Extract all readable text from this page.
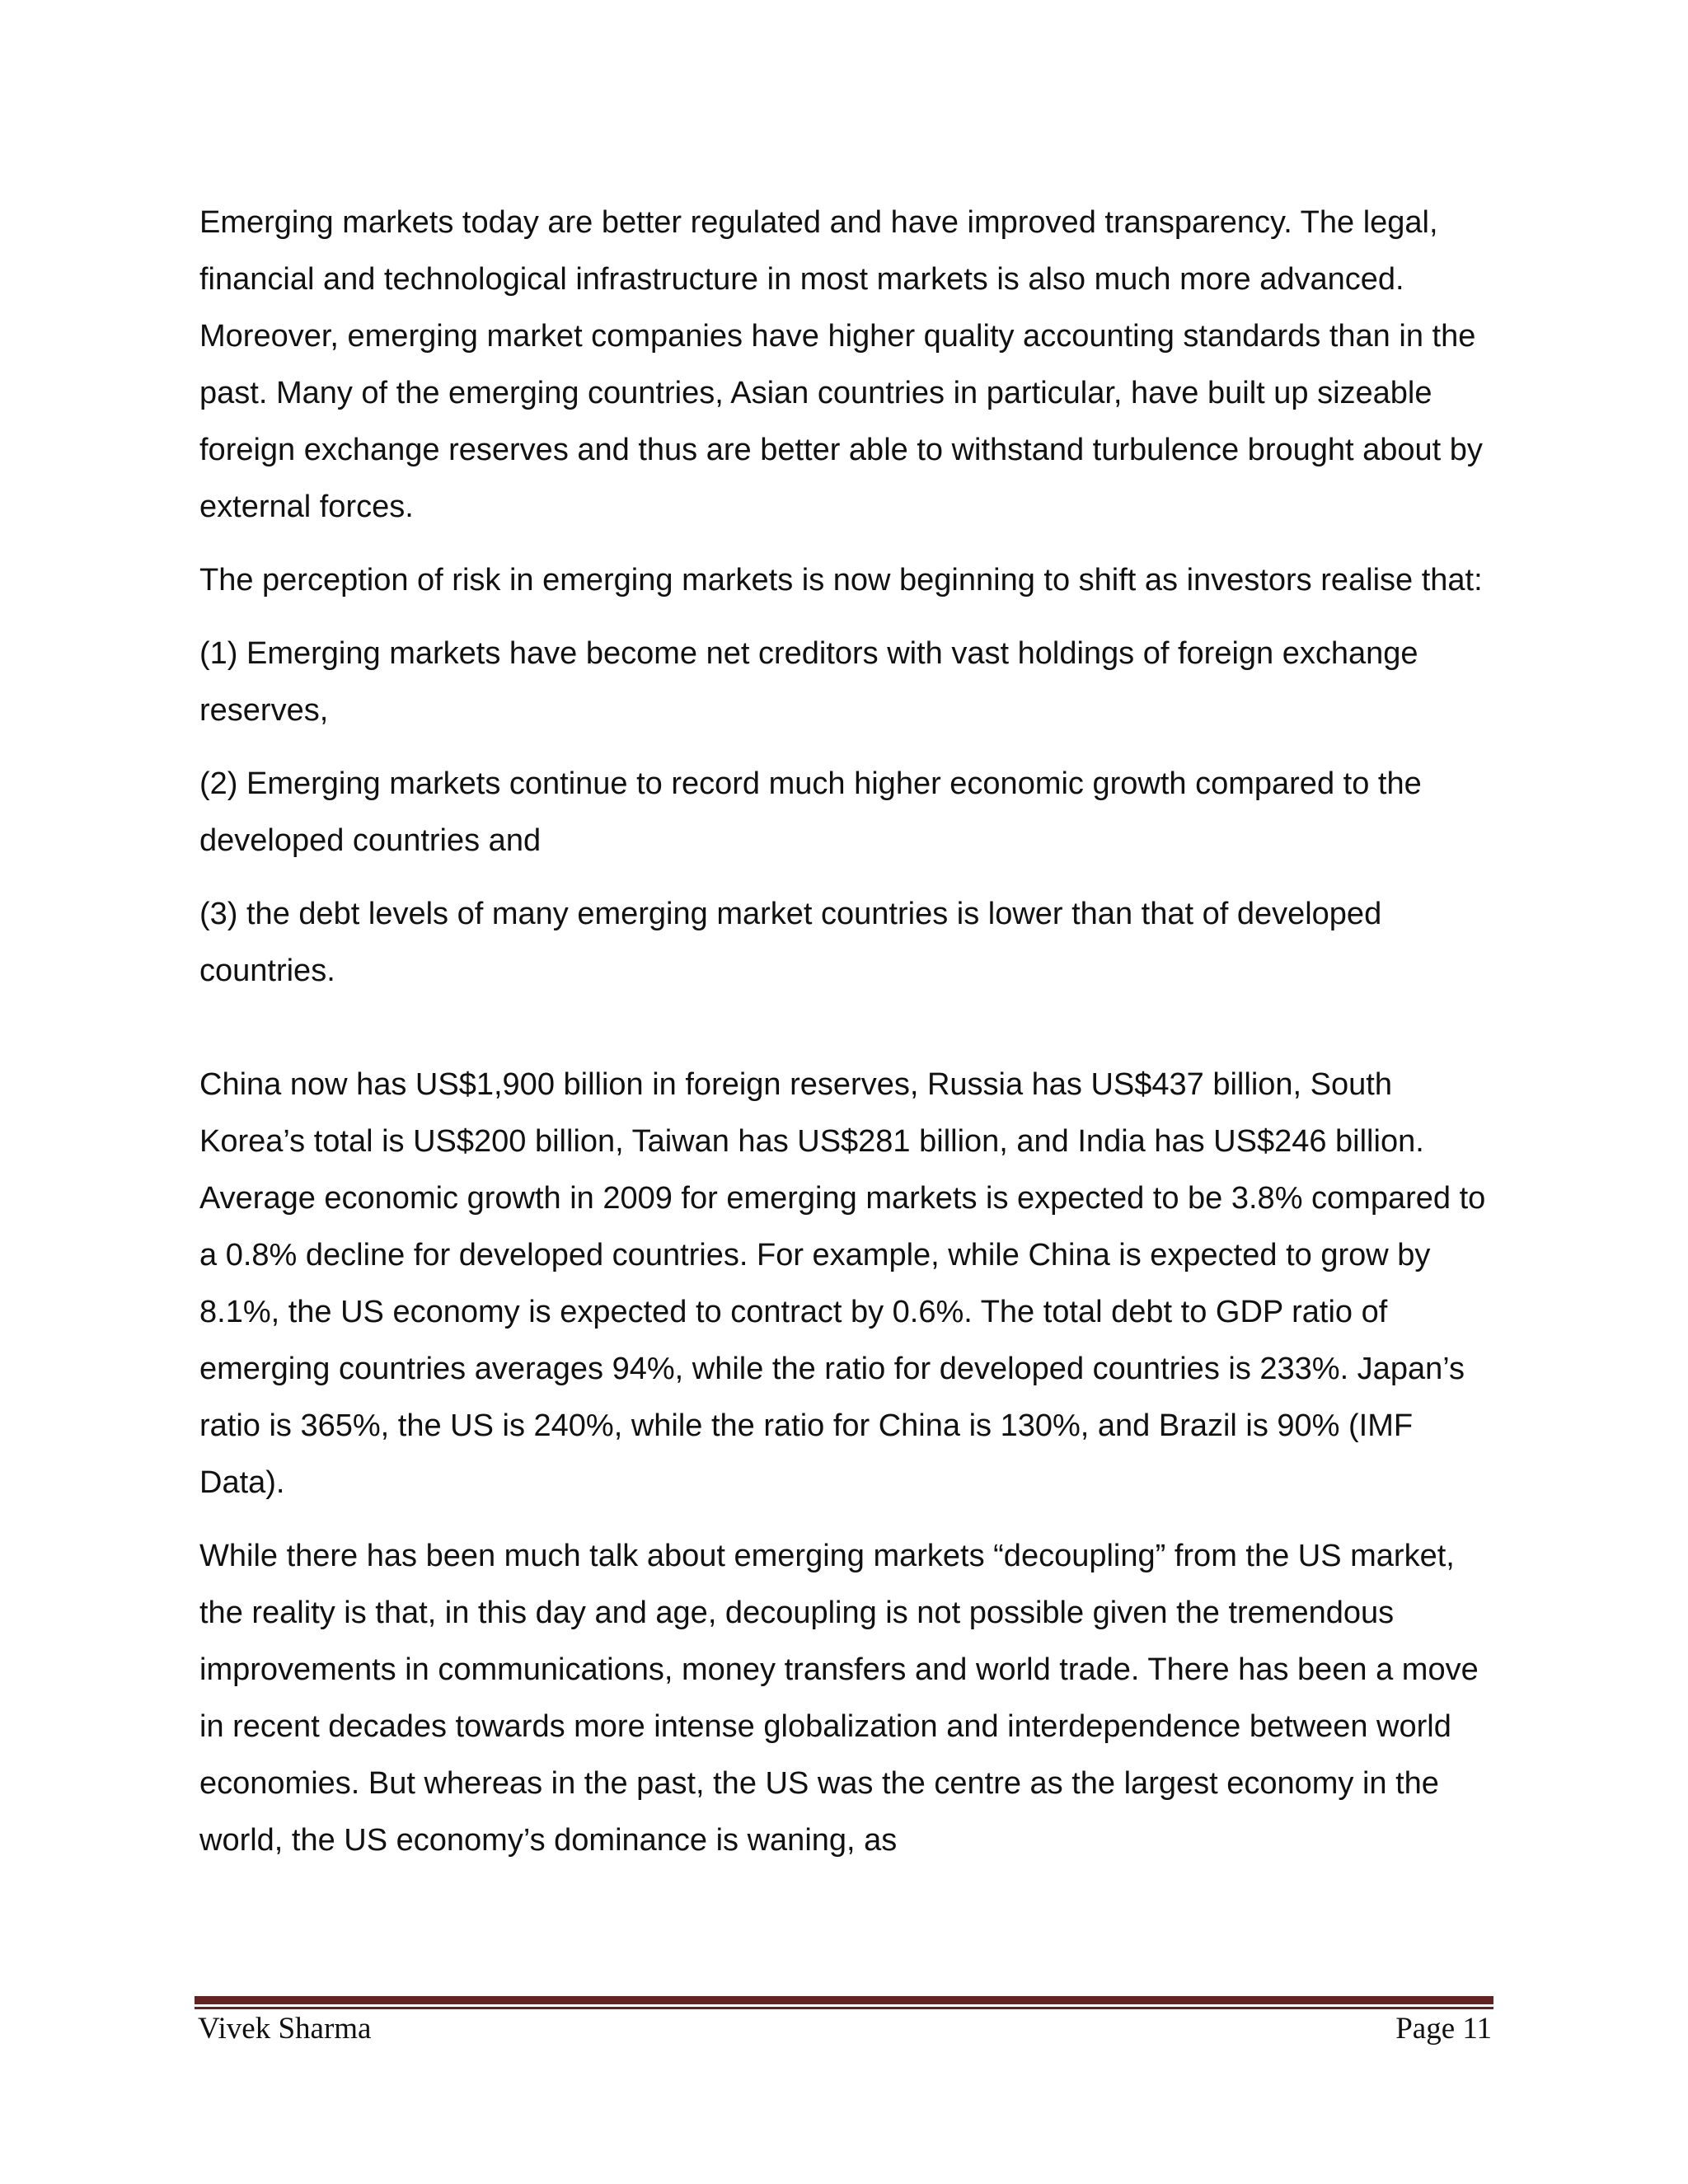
Emerging markets today are better regulated and have improved transparency. The legal, financial and technological infrastructure in most markets is also much more advanced. Moreover, emerging market companies have higher quality accounting standards than in the past. Many of the emerging countries, Asian countries in particular, have built up sizeable foreign exchange reserves and thus are better able to withstand turbulence brought about by external forces.

The perception of risk in emerging markets is now beginning to shift as investors realise that:

(1) Emerging markets have become net creditors with vast holdings of foreign exchange reserves,

(2) Emerging markets continue to record much higher economic growth compared to the developed countries and

(3) the debt levels of many emerging market countries is lower than that of developed countries.

China now has US$1,900 billion in foreign reserves, Russia has US$437 billion, South Korea’s total is US$200 billion, Taiwan has US$281 billion, and India has US$246 billion. Average economic growth in 2009 for emerging markets is expected to be 3.8% compared to a 0.8% decline for developed countries. For example, while China is expected to grow by 8.1%, the US economy is expected to contract by 0.6%. The total debt to GDP ratio of emerging countries averages 94%, while the ratio for developed countries is 233%. Japan’s ratio is 365%, the US is 240%, while the ratio for China is 130%, and Brazil is 90% (IMF Data).

While there has been much talk about emerging markets “decoupling” from the US market, the reality is that, in this day and age, decoupling is not possible given the tremendous improvements in communications, money transfers and world trade. There has been a move in recent decades towards more intense globalization and interdependence between world economies. But whereas in the past, the US was the centre as the largest economy in the world, the US economy’s dominance is waning, as

Vivek Sharma	Page 11
